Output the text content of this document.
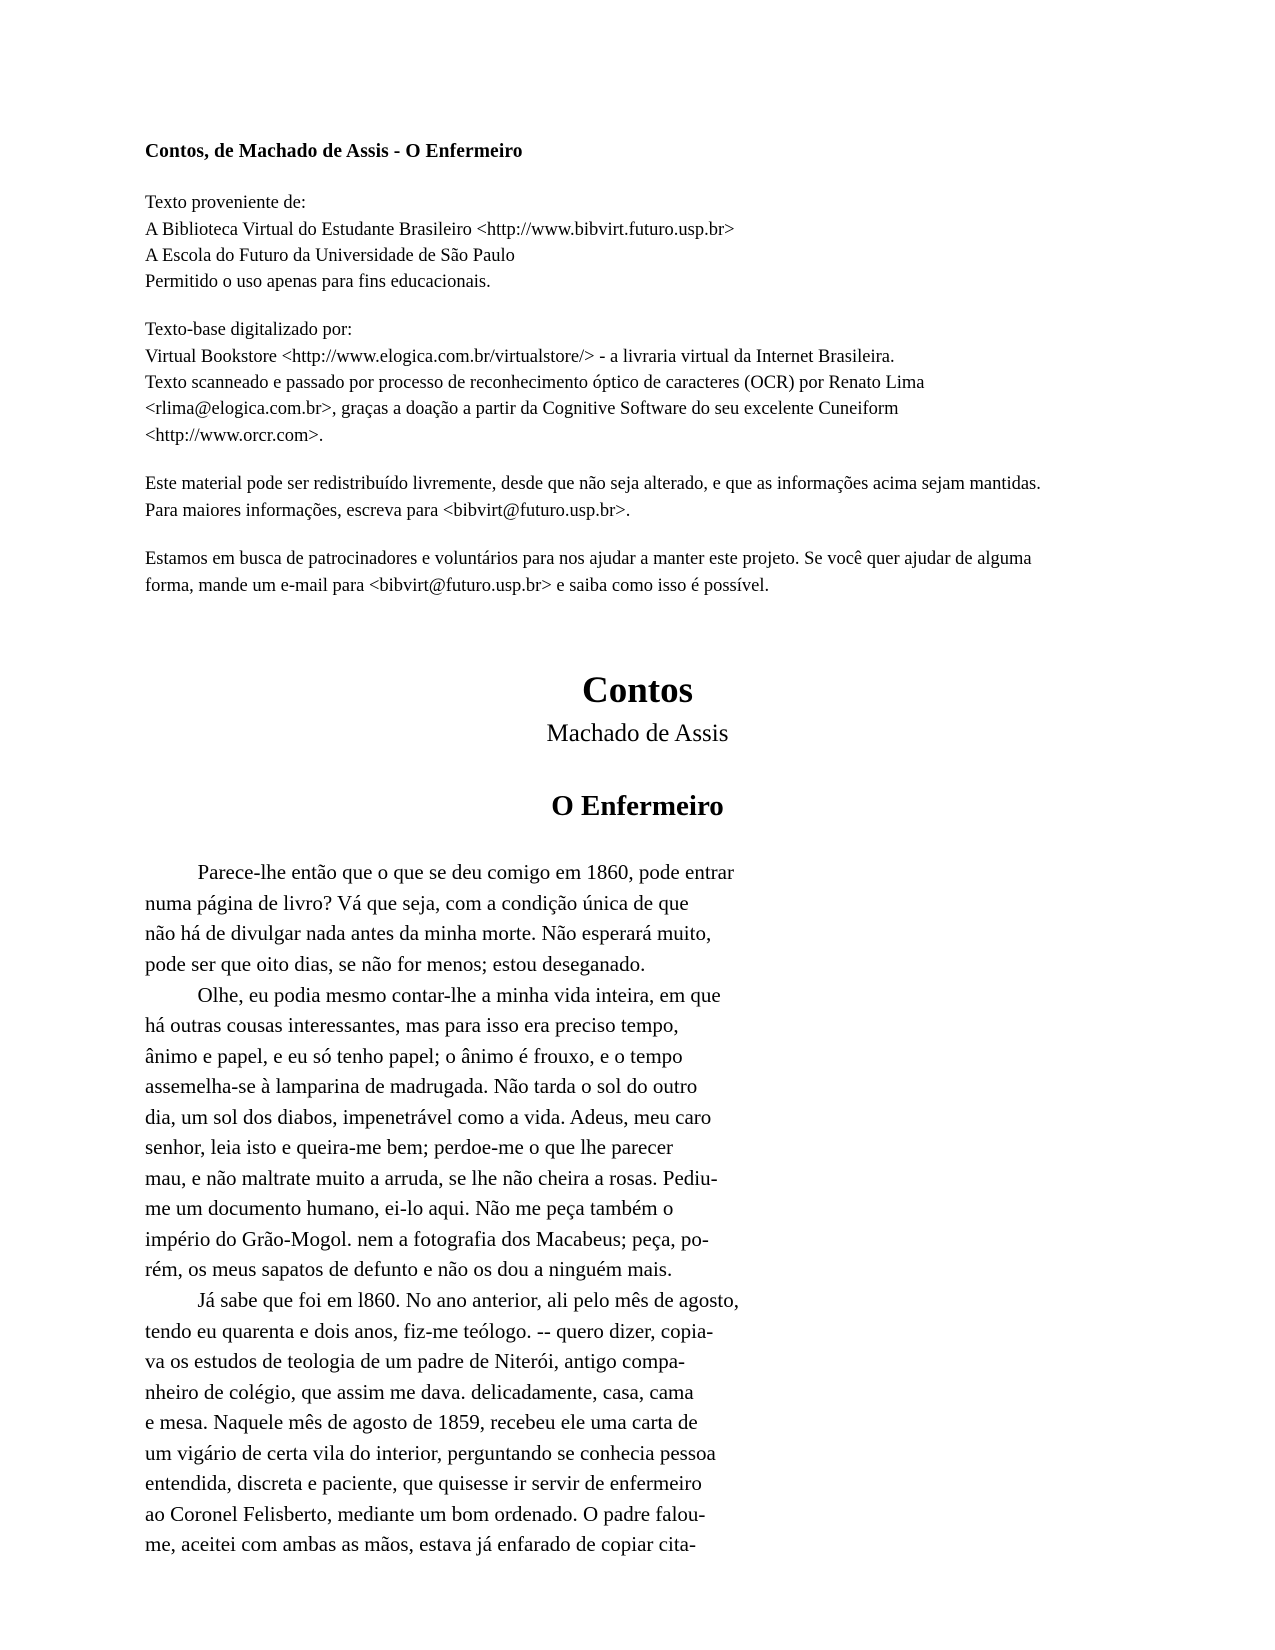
Contos, de Machado de Assis - O Enfermeiro
Texto proveniente de:
A Biblioteca Virtual do Estudante Brasileiro <http://www.bibvirt.futuro.usp.br>
A Escola do Futuro da Universidade de São Paulo
Permitido o uso apenas para fins educacionais.
Texto-base digitalizado por:
Virtual Bookstore <http://www.elogica.com.br/virtualstore/> - a livraria virtual da Internet Brasileira.
Texto scanneado e passado por processo de reconhecimento óptico de caracteres (OCR) por Renato Lima
<rlima@elogica.com.br>, graças a doação a partir da Cognitive Software do seu excelente Cuneiform
<http://www.orcr.com>.
Este material pode ser redistribuído livremente, desde que não seja alterado, e que as informações acima sejam mantidas. Para maiores informações, escreva para <bibvirt@futuro.usp.br>.
Estamos em busca de patrocinadores e voluntários para nos ajudar a manter este projeto. Se você quer ajudar de alguma forma, mande um e-mail para <bibvirt@futuro.usp.br> e saiba como isso é possível.
Contos
Machado de Assis
O Enfermeiro
Parece-lhe então que o que se deu comigo em 1860, pode entrar
numa página de livro? Vá que seja, com a condição única de que
não há de divulgar nada antes da minha morte. Não esperará muito,
pode ser que oito dias, se não for menos; estou deseganado.
Olhe, eu podia mesmo contar-lhe a minha vida inteira, em que
há outras cousas interessantes, mas para isso era preciso tempo,
ânimo e papel, e eu só tenho papel; o ânimo é frouxo, e o tempo
assemelha-se à lamparina de madrugada. Não tarda o sol do outro
dia, um sol dos diabos, impenetrável como a vida. Adeus, meu caro
senhor, leia isto e queira-me bem; perdoe-me o que lhe parecer
mau, e não maltrate muito a arruda, se lhe não cheira a rosas. Pediu-
me um documento humano, ei-lo aqui. Não me peça também o
império do Grão-Mogol. nem a fotografia dos Macabeus; peça, po-
rém, os meus sapatos de defunto e não os dou a ninguém mais.
Já sabe que foi em l860. No ano anterior, ali pelo mês de agosto,
tendo eu quarenta e dois anos, fiz-me teólogo. -- quero dizer, copia-
va os estudos de teologia de um padre de Niterói, antigo compa-
nheiro de colégio, que assim me dava. delicadamente, casa, cama
e mesa. Naquele mês de agosto de 1859, recebeu ele uma carta de
um vigário de certa vila do interior, perguntando se conhecia pessoa
entendida, discreta e paciente, que quisesse ir servir de enfermeiro
ao Coronel Felisberto, mediante um bom ordenado. O padre falou-
me, aceitei com ambas as mãos, estava já enfarado de copiar cita-
